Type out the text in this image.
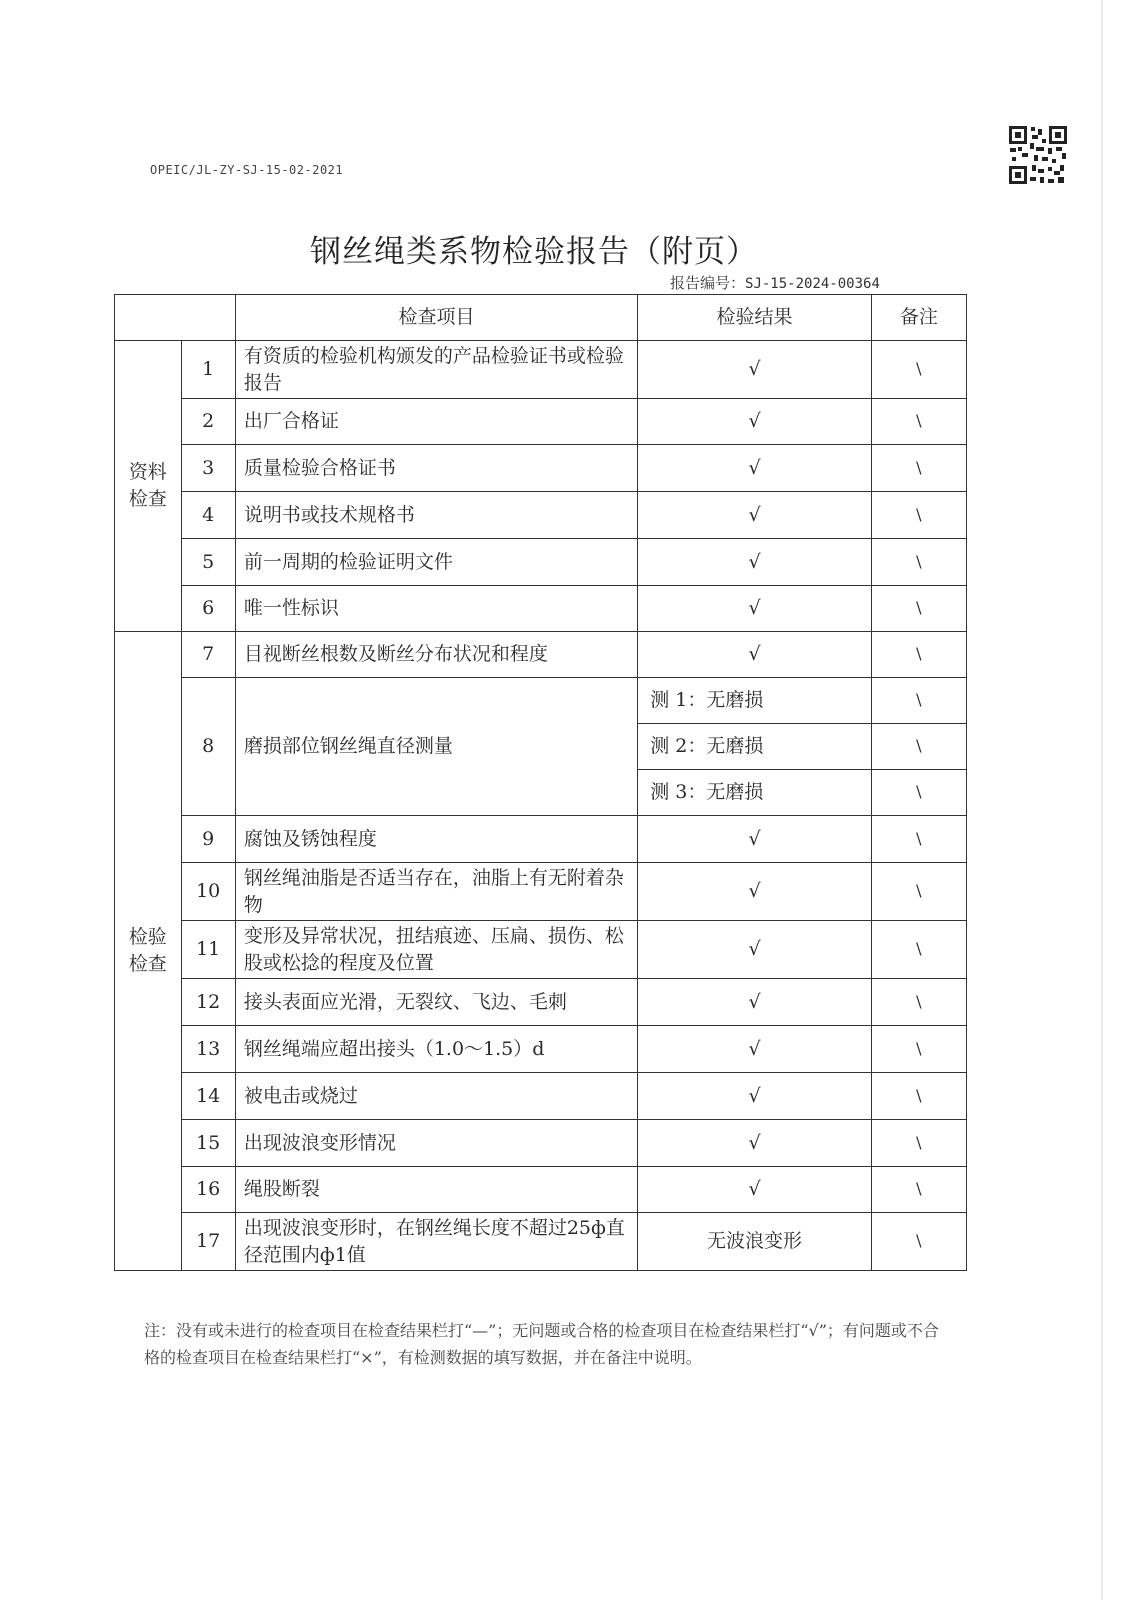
OPEIC/JL-ZY-SJ-15-02-2021
钢丝绳类系物检验报告（附页）
报告编号：SJ-15-2024-00364
		检查项目	检验结果	备注
资料检查	1	有资质的检验机构颁发的产品检验证书或检验报告	√	\
	2	出厂合格证	√	\
	3	质量检验合格证书	√	\
	4	说明书或技术规格书	√	\
	5	前一周期的检验证明文件	√	\
	6	唯一性标识	√	\
检验检查	7	目视断丝根数及断丝分布状况和程度	√	\
	8	磨损部位钢丝绳直径测量	测 1：无磨损	\
			测 2：无磨损	\
			测 3：无磨损	\
	9	腐蚀及锈蚀程度	√	\
	10	钢丝绳油脂是否适当存在，油脂上有无附着杂物	√	\
	11	变形及异常状况，扭结痕迹、压扁、损伤、松股或松捻的程度及位置	√	\
	12	接头表面应光滑，无裂纹、飞边、毛刺	√	\
	13	钢丝绳端应超出接头（1.0～1.5）d	√	\
	14	被电击或烧过	√	\
	15	出现波浪变形情况	√	\
	16	绳股断裂	√	\
	17	出现波浪变形时，在钢丝绳长度不超过25ф直径范围内ф1值	无波浪变形	\
注：没有或未进行的检查项目在检查结果栏打“—”；无问题或合格的检查项目在检查结果栏打“√”；有问题或不合格的检查项目在检查结果栏打“×”，有检测数据的填写数据，并在备注中说明。
